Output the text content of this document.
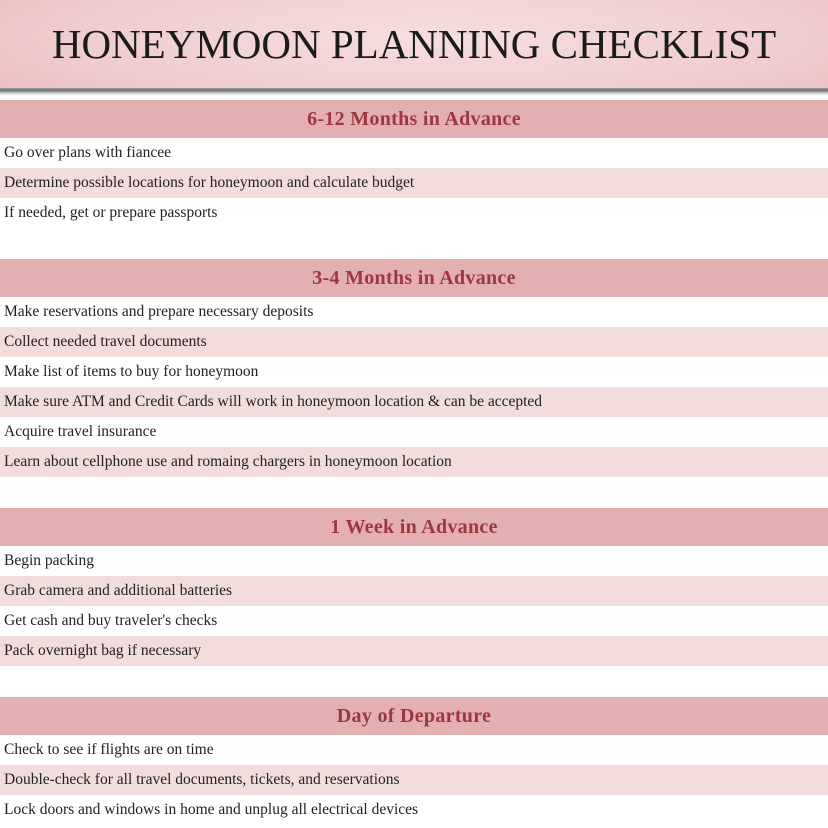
HONEYMOON PLANNING CHECKLIST
6-12 Months in Advance
Go over plans with fiancee
Determine possible locations for honeymoon and calculate budget
If needed, get or prepare passports
3-4 Months in Advance
Make reservations and prepare necessary deposits
Collect needed travel documents
Make list of items to buy for honeymoon
Make sure ATM and Credit Cards will work in honeymoon location & can be accepted
Acquire travel insurance
Learn about cellphone use and romaing chargers in honeymoon location
1 Week in Advance
Begin packing
Grab camera and additional batteries
Get cash and buy traveler's checks
Pack overnight bag if necessary
Day of Departure
Check to see if flights are on time
Double-check for all travel documents, tickets, and reservations
Lock doors and windows in home and unplug all electrical devices
